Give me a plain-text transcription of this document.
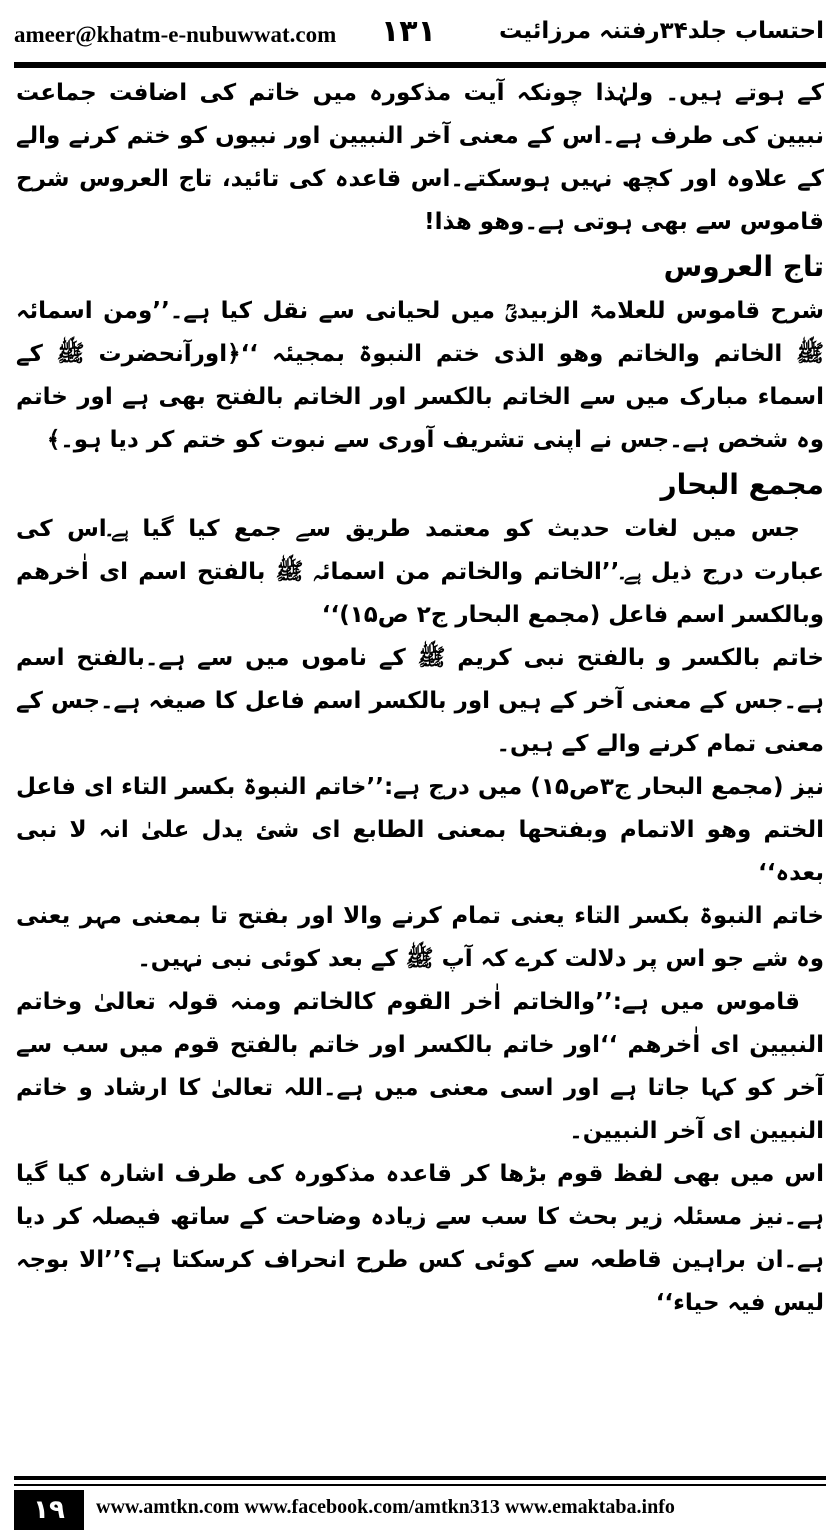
ameer@khatm-e-nubuwwat.com ۱۳۱	احتساب جلد۳۴رفتنہ مرزائیت

کے ہوتے ہیں۔ ولہٰذا چونکہ آیت مذکورہ میں خاتم کی اضافت جماعت نبیین کی طرف ہے۔اس کے معنی آخر النبیین اور نبیوں کو ختم کرنے والے کے علاوہ اور کچھ نہیں ہوسکتے۔اس قاعدہ کی تائید، تاج العروس شرح قاموس سے بھی ہوتی ہے۔وھو ھذا!

تاج العروس

شرح قاموس للعلامۃ الزبیدیؒ میں لحیانی سے نقل کیا ہے۔’’ومن اسمائہ ﷺ الخاتم والخاتم وھو الذی ختم النبوۃ بمجیئہ ‘‘﴿اورآنحضرت ﷺ کے اسماء مبارک میں سے الخاتم بالکسر اور الخاتم بالفتح بھی ہے اور خاتم وہ شخص ہے۔جس نے اپنی تشریف آوری سے نبوت کو ختم کر دیا ہو۔﴾

مجمع البحار

جس میں لغات حدیث کو معتمد طریق سے جمع کیا گیا ہے۔اس کی عبارت درج ذیل ہے۔’’الخاتم والخاتم من اسمائہ ﷺ بالفتح اسم ای اٰخرھم وبالکسر اسم فاعل (مجمع البحار ج۲ ص۱۵)‘‘

خاتم بالکسر و بالفتح نبی کریم ﷺ کے ناموں میں سے ہے۔بالفتح اسم ہے۔جس کے معنی آخر کے ہیں اور بالکسر اسم فاعل کا صیغہ ہے۔جس کے معنی تمام کرنے والے کے ہیں۔

نیز (مجمع البحار ج۳ص۱۵) میں درج ہے:’’خاتم النبوۃ بکسر التاء ای فاعل الختم وھو الاتمام وبفتحھا بمعنی الطابع ای شئ یدل علیٰ انہ لا نبی بعدہ‘‘

خاتم النبوۃ بکسر التاء یعنی تمام کرنے والا اور بفتح تا بمعنی مہر یعنی وہ شے جو اس پر دلالت کرے کہ آپ ﷺ کے بعد کوئی نبی نہیں۔

قاموس میں ہے:’’والخاتم اٰخر القوم کالخاتم ومنہ قولہ تعالیٰ وخاتم النبیین ای اٰخرھم ‘‘اور خاتم بالکسر اور خاتم بالفتح قوم میں سب سے آخر کو کہا جاتا ہے اور اسی معنی میں ہے۔اللہ تعالیٰ کا ارشاد و خاتم النبیین ای آخر النبیین۔

اس میں بھی لفظ قوم بڑھا کر قاعدہ مذکورہ کی طرف اشارہ کیا گیا ہے۔نیز مسئلہ زیر بحث کا سب سے زیادہ وضاحت کے ساتھ فیصلہ کر دیا ہے۔ان براہین قاطعہ سے کوئی کس طرح انحراف کرسکتا ہے؟’’الا بوجہ لیس فیہ حیاء‘‘

۱۹	www.amtkn.com www.facebook.com/amtkn313 www.emaktaba.info
